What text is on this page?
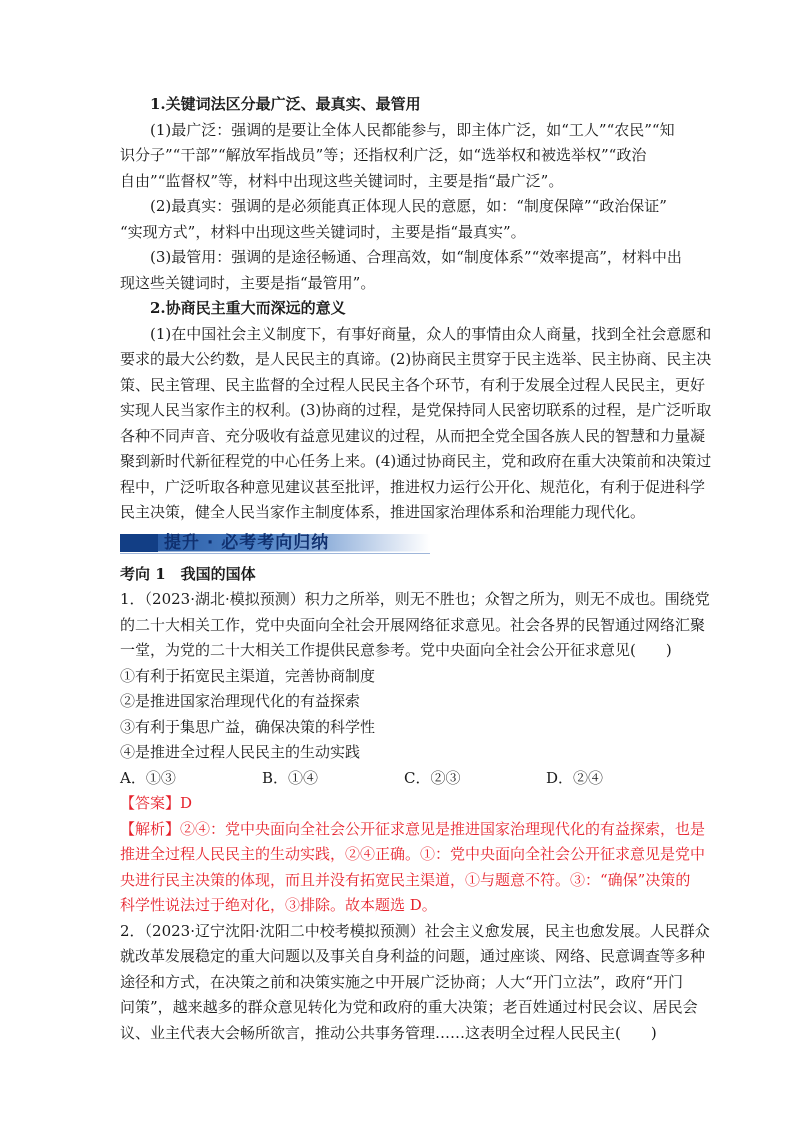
1.关键词法区分最广泛、最真实、最管用
(1)最广泛：强调的是要让全体人民都能参与，即主体广泛，如“工人”“农民”“知
识分子”“干部”“解放军指战员”等；还指权利广泛，如“选举权和被选举权”“政治
自由”“监督权”等，材料中出现这些关键词时，主要是指“最广泛”。
(2)最真实：强调的是必须能真正体现人民的意愿，如：“制度保障”“政治保证”
“实现方式”，材料中出现这些关键词时，主要是指“最真实”。
(3)最管用：强调的是途径畅通、合理高效，如“制度体系”“效率提高”，材料中出
现这些关键词时，主要是指“最管用”。
2.协商民主重大而深远的意义
(1)在中国社会主义制度下，有事好商量，众人的事情由众人商量，找到全社会意愿和
要求的最大公约数，是人民民主的真谛。(2)协商民主贯穿于民主选举、民主协商、民主决
策、民主管理、民主监督的全过程人民民主各个环节，有利于发展全过程人民民主，更好
实现人民当家作主的权利。(3)协商的过程，是党保持同人民密切联系的过程，是广泛听取
各种不同声音、充分吸收有益意见建议的过程，从而把全党全国各族人民的智慧和力量凝
聚到新时代新征程党的中心任务上来。(4)通过协商民主，党和政府在重大决策前和决策过
程中，广泛听取各种意见建议甚至批评，推进权力运行公开化、规范化，有利于促进科学
民主决策，健全人民当家作主制度体系，推进国家治理体系和治理能力现代化。
提升 · 必考考向归纳
考向 1　我国的国体
1．（2023·湖北·模拟预测）积力之所举，则无不胜也；众智之所为，则无不成也。围绕党
的二十大相关工作，党中央面向全社会开展网络征求意见。社会各界的民智通过网络汇聚
一堂，为党的二十大相关工作提供民意参考。党中央面向全社会公开征求意见(　　)
①有利于拓宽民主渠道，完善协商制度
②是推进国家治理现代化的有益探索
③有利于集思广益，确保决策的科学性
④是推进全过程人民民主的生动实践
A．①③	B．①④	C．②③	D．②④
【答案】D
【解析】②④：党中央面向全社会公开征求意见是推进国家治理现代化的有益探索，也是
推进全过程人民民主的生动实践，②④正确。①：党中央面向全社会公开征求意见是党中
央进行民主决策的体现，而且并没有拓宽民主渠道，①与题意不符。③：“确保”决策的
科学性说法过于绝对化，③排除。故本题选 D。
2．（2023·辽宁沈阳·沈阳二中校考模拟预测）社会主义愈发展，民主也愈发展。人民群众
就改革发展稳定的重大问题以及事关自身利益的问题，通过座谈、网络、民意调查等多种
途径和方式，在决策之前和决策实施之中开展广泛协商；人大“开门立法”，政府“开门
问策”，越来越多的群众意见转化为党和政府的重大决策；老百姓通过村民会议、居民会
议、业主代表大会畅所欲言，推动公共事务管理……这表明全过程人民民主(　　)
